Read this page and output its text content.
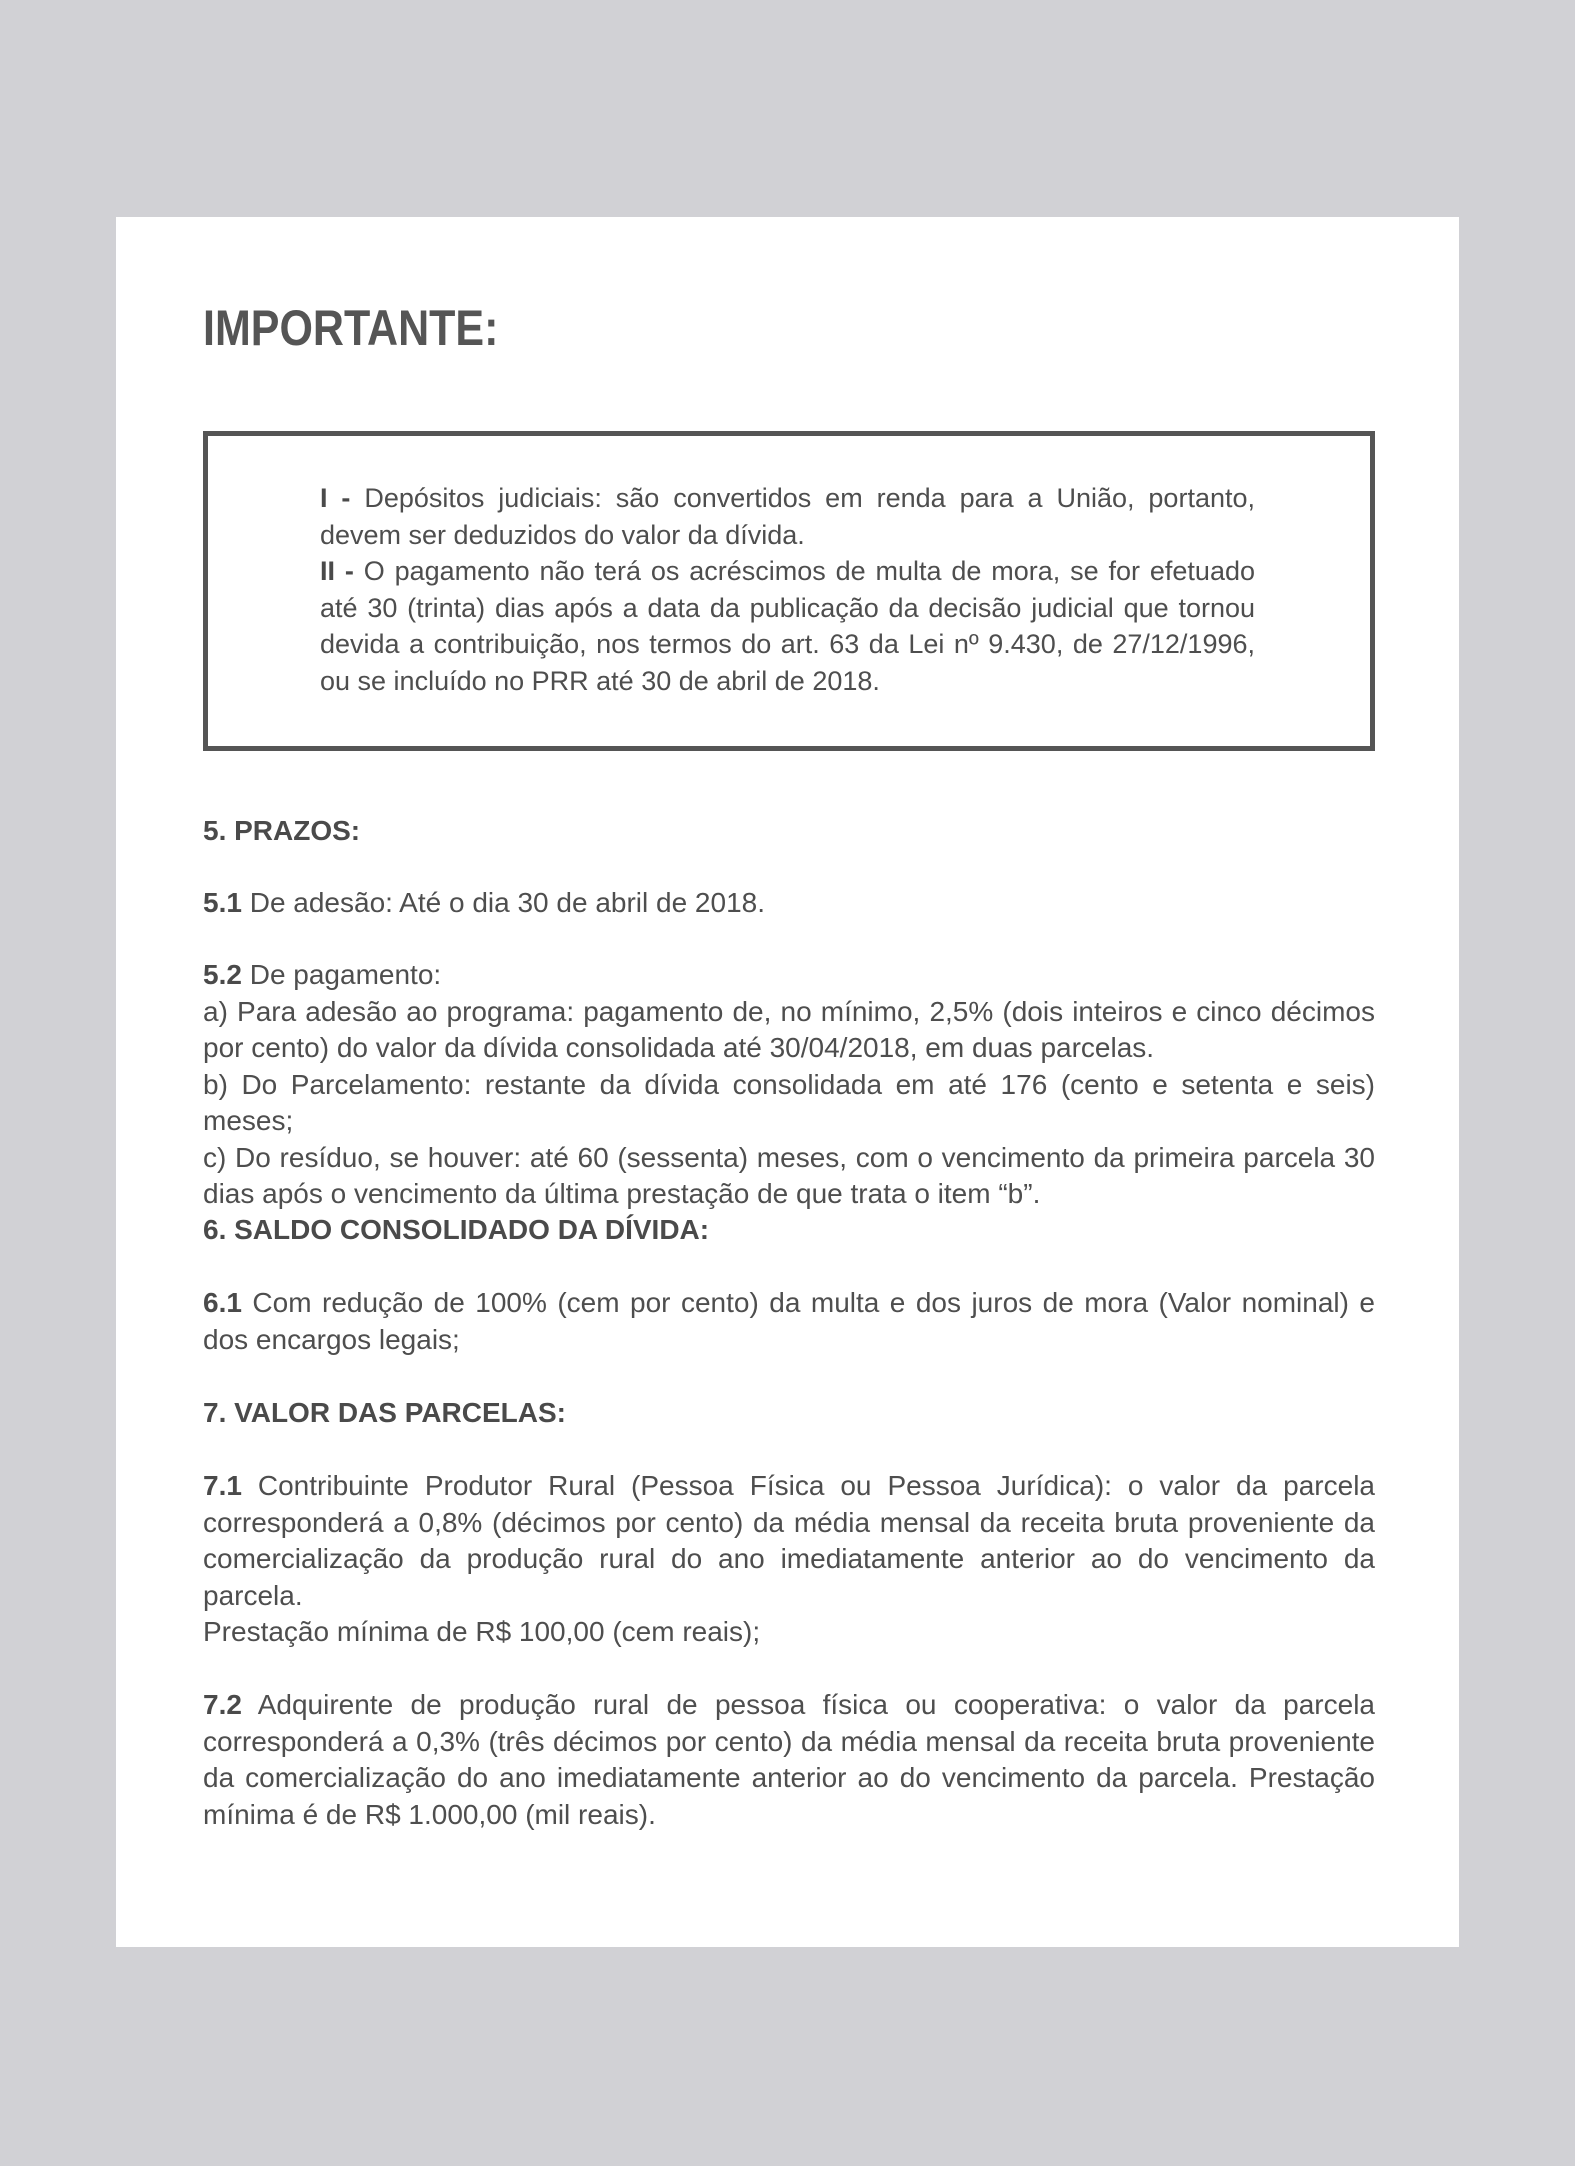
IMPORTANTE:

I - Depósitos judiciais: são convertidos em renda para a União, portanto, devem ser deduzidos do valor da dívida.

II - O pagamento não terá os acréscimos de multa de mora, se for efetuado até 30 (trinta) dias após a data da publicação da decisão judicial que tornou devida a contribuição, nos termos do art. 63 da Lei nº 9.430, de 27/12/1996, ou se incluído no PRR até 30 de abril de 2018.

5. PRAZOS:

5.1 De adesão: Até o dia 30 de abril de 2018.

5.2 De pagamento:
a) Para adesão ao programa: pagamento de, no mínimo, 2,5% (dois inteiros e cinco décimos por cento) do valor da dívida consolidada até 30/04/2018, em duas parcelas.
b) Do Parcelamento: restante da dívida consolidada em até 176 (cento e setenta e seis) meses;
c) Do resíduo, se houver: até 60 (sessenta) meses, com o vencimento da primeira parcela 30 dias após o vencimento da última prestação de que trata o item “b”.
6. SALDO CONSOLIDADO DA DÍVIDA:

6.1 Com redução de 100% (cem por cento) da multa e dos juros de mora (Valor nominal) e dos encargos legais;

7. VALOR DAS PARCELAS:

7.1 Contribuinte Produtor Rural (Pessoa Física ou Pessoa Jurídica): o valor da parcela corresponderá a 0,8% (décimos por cento) da média mensal da receita bruta proveniente da comercialização da produção rural do ano imediatamente anterior ao do vencimento da parcela.

Prestação mínima de R$ 100,00 (cem reais);

7.2 Adquirente de produção rural de pessoa física ou cooperativa: o valor da parcela corresponderá a 0,3% (três décimos por cento) da média mensal da receita bruta proveniente da comercialização do ano imediatamente anterior ao do vencimento da parcela. Prestação mínima é de R$ 1.000,00 (mil reais).
